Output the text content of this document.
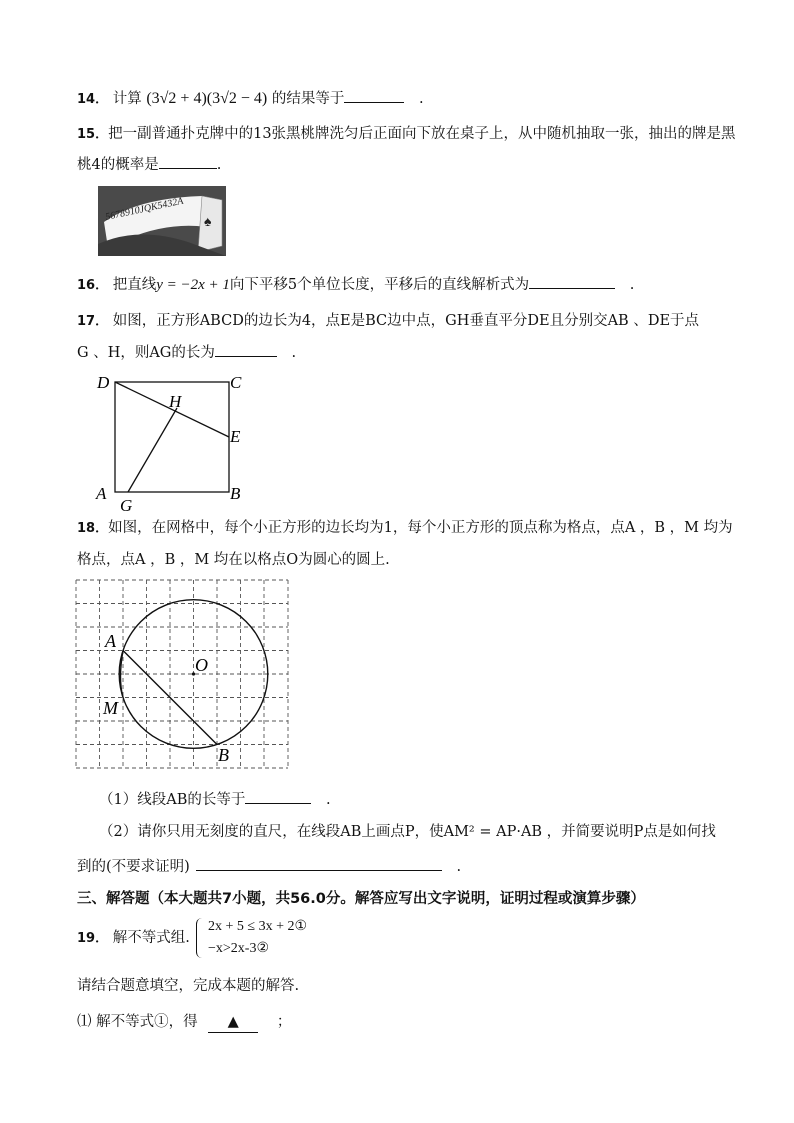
14． 计算 (3√2 + 4)(3√2 − 4) 的结果等于	.
15．把一副普通扑克牌中的13张黑桃牌洗匀后正面向下放在桌子上，从中随机抽取一张，抽出的牌是黑
桃4的概率是	.
5678910JQK5432A ♠
16． 把直线y = −2x + 1向下平移5个单位长度，平移后的直线解析式为	.
17． 如图，正方形ABCD的边长为4，点E是BC边中点，GH垂直平分DE且分别交AB 、DE于点
G 、H，则AG的长为	.
D	C
H
E
A
G
B
18．如图，在网格中，每个小正方形的边长均为1，每个小正方形的顶点称为格点，点A ，B ，M 均为
格点，点A ，B ，M 均在以格点O为圆心的圆上.
A
O
M
B
（1）线段AB的长等于	.
（2）请你只用无刻度的直尺，在线段AB上画点P，使AM² = AP·AB ，并简要说明P点是如何找
到的(不要求证明)	.
三、解答题（本大题共7小题，共56.0分。解答应写出文字说明，证明过程或演算步骤）
19． 解不等式组.
2x + 5 ≤ 3x + 2①
−x>2x-3②
请结合题意填空，完成本题的解答.
⑴ 解不等式①，得 ▲	；
